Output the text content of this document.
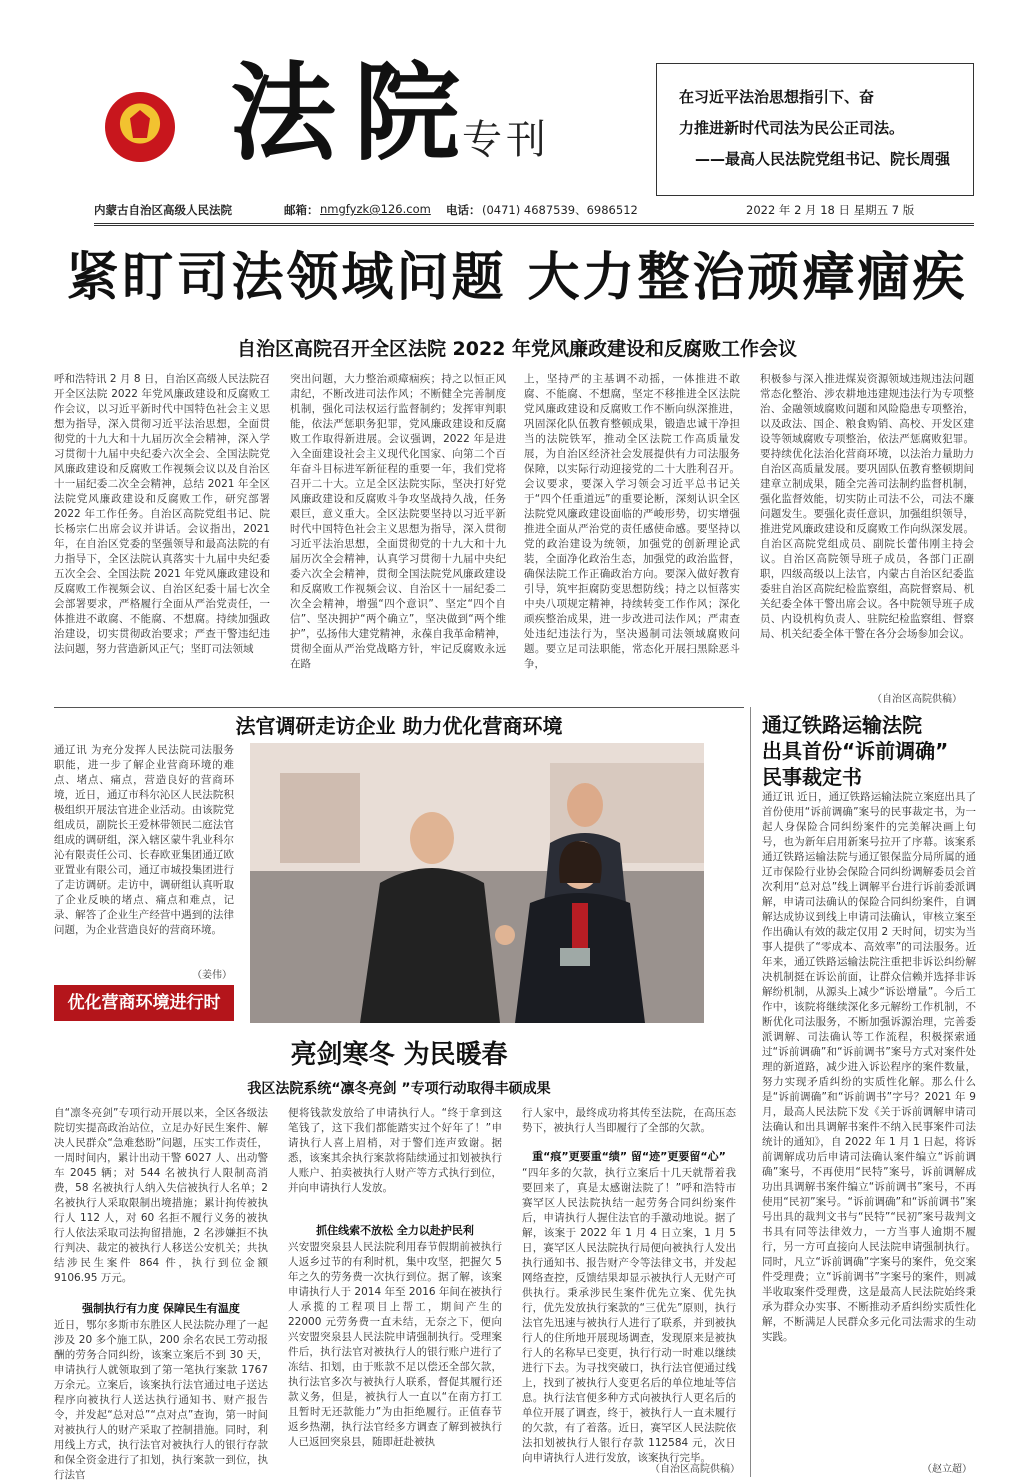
法院
专刊

在习近平法治思想指引下、奋

力推进新时代司法为民公正司法。

——最高人民法院党组书记、院长周强

内蒙古自治区高级人民法院	邮箱： nmgfyzk@126.com 电话： (0471) 4687539、6986512	2022 年 2 月 18 日 星期五 7 版
紧盯司法领域问题 大力整治顽瘴痼疾
自治区高院召开全区法院 2022 年党风廉政建设和反腐败工作会议
呼和浩特讯 2 月 8 日，自治区高级人民法院召开全区法院 2022 年党风廉政建设和反腐败工作会议，以习近平新时代中国特色社会主义思想为指导，深入贯彻习近平法治思想，全面贯彻党的十九大和十九届历次全会精神，深入学习贯彻十九届中央纪委六次全会、全国法院党风廉政建设和反腐败工作视频会议以及自治区十一届纪委二次全会精神，总结 2021 年全区法院党风廉政建设和反腐败工作，研究部署 2022 年工作任务。自治区高院党组书记、院长杨宗仁出席会议并讲话。会议指出，2021 年，在自治区党委的坚强领导和最高法院的有力指导下，全区法院认真落实十九届中央纪委五次全会、全国法院 2021 年党风廉政建设和反腐败工作视频会议、自治区纪委十届七次全会部署要求，严格履行全面从严治党责任，一体推进不敢腐、不能腐、不想腐。持续加强政治建设，切实贯彻政治要求；严查干警违纪违法问题，努力营造新风正气；坚盯司法领域
突出问题，大力整治顽瘴痼疾；持之以恒正风肃纪，不断改进司法作风；不断健全完善制度机制，强化司法权运行监督制约；发挥审判职能，依法严惩职务犯罪，党风廉政建设和反腐败工作取得新进展。会议强调，2022 年是进入全面建设社会主义现代化国家、向第二个百年奋斗目标进军新征程的重要一年，我们党将召开二十大。立足全区法院实际，坚决打好党风廉政建设和反腐败斗争攻坚战持久战，任务艰巨，意义重大。全区法院要坚持以习近平新时代中国特色社会主义思想为指导，深入贯彻习近平法治思想，全面贯彻党的十九大和十九届历次全会精神，认真学习贯彻十九届中央纪委六次全会精神，贯彻全国法院党风廉政建设和反腐败工作视频会议、自治区十一届纪委二次全会精神，增强“四个意识”、坚定“四个自信”、坚决拥护“两个确立”，坚决做到“两个维护”，弘扬伟大建党精神，永葆自我革命精神，贯彻全面从严治党战略方针，牢记反腐败永远在路
上，坚持严的主基调不动摇，一体推进不敢腐、不能腐、不想腐，坚定不移推进全区法院党风廉政建设和反腐败工作不断向纵深推进，巩固深化队伍教育整顿成果，锻造忠诚干净担当的法院铁军，推动全区法院工作高质量发展，为自治区经济社会发展提供有力司法服务保障，以实际行动迎接党的二十大胜利召开。会议要求，要深入学习领会习近平总书记关于“四个任重道远”的重要论断，深刻认识全区法院党风廉政建设面临的严峻形势，切实增强推进全面从严治党的责任感使命感。要坚持以党的政治建设为统领，加强党的创新理论武装，全面净化政治生态，加强党的政治监督，确保法院工作正确政治方向。要深入做好教育引导，筑牢拒腐防变思想防线；持之以恒落实中央八项规定精神，持续转变工作作风；深化顽疾整治成果，进一步改进司法作风；严肃查处违纪违法行为，坚决遏制司法领域腐败问题。要立足司法职能，常态化开展扫黑除恶斗争，
积极参与深入推进煤炭资源领域违规违法问题常态化整治、涉农耕地违建规违法行为专项整治、金融领域腐败问题和风险隐患专项整治，以及政法、国企、粮食购销、高校、开发区建设等领域腐败专项整治，依法严惩腐败犯罪。要持续优化法治化营商环境，以法治力量助力自治区高质量发展。要巩固队伍教育整顿期间建章立制成果，随全完善司法制约监督机制，强化监督效能，切实防止司法不公，司法不廉问题发生。要强化责任意识，加强组织领导，推进党风廉政建设和反腐败工作向纵深发展。自治区高院党组成员、副院长蕾伟刚主持会议。自治区高院领导班子成员，各部门正副职，四级高级以上法官，内蒙古自治区纪委监委驻自治区高院纪检监察组，高院督察局、机关纪委全体干警出席会议。各中院领导班子成员、内设机构负责人、驻院纪检监察组、督察局、机关纪委全体干警在各分会场参加会议。
（自治区高院供稿）
法官调研走访企业 助力优化营商环境
通辽讯 为充分发挥人民法院司法服务职能，进一步了解企业营商环境的难点、堵点、痛点，营造良好的营商环境，近日，通辽市科尔沁区人民法院积极组织开展法官进企业活动。由该院党组成员，副院长王爱林带领民二庭法官组成的调研组，深入辖区蒙牛乳业科尔沁有限责任公司、长春欧亚集团通辽欧亚置业有限公司，通辽市城投集团进行了走访调研。走访中，调研组认真听取了企业反映的堵点、痛点和难点，记录、解答了企业生产经营中遇到的法律问题，为企业营造良好的营商环境。
（姜伟）
优化营商环境进行时
通辽铁路运输法院
出具首份“诉前调确”
民事裁定书
通辽讯 近日，通辽铁路运输法院立案庭出具了首份使用“诉前调确”案号的民事裁定书，为一起人身保险合同纠纷案件的完美解决画上句号，也为新年启用新案号拉开了序幕。该案系通辽铁路运输法院与通辽银保监分局所属的通辽市保险行业协会保险合同纠纷调解委员会首次利用“总对总”线上调解平台进行诉前委派调解，申请司法确认的保险合同纠纷案件，自调解达成协议到线上申请司法确认，审核立案至作出确认有效的裁定仅用 2 天时间，切实为当事人提供了“零成本、高效率”的司法服务。近年来，通辽铁路运输法院注重把非诉讼纠纷解决机制挺在诉讼前面，让群众信赖并选择非诉解纷机制，从源头上减少“诉讼增量”。今后工作中，该院将继续深化多元解纷工作机制，不断优化司法服务，不断加强诉源治理，完善委派调解、司法确认等工作流程，积极探索通过“诉前调确”和“诉前调书”案号方式对案件处理的新道路，减少进入诉讼程序的案件数量，努力实现矛盾纠纷的实质性化解。那么什么是“诉前调确”和“诉前调书”字号？2021 年 9 月，最高人民法院下发《关于诉前调解申请司法确认和出具调解书案件不纳入民事案件司法统计的通知》，自 2022 年 1 月 1 日起，将诉前调解成功后申请司法确认案件编立“诉前调确”案号，不再使用“民特”案号，诉前调解成功出具调解书案件编立“诉前调书”案号，不再使用“民初”案号。“诉前调确”和“诉前调书”案号出具的裁判文书与“民特”“民初”案号裁判文书具有同等法律效力，一方当事人逾期不履行，另一方可直接向人民法院申请强制执行。同时，凡立“诉前调确”字案号的案件，免交案件受理费；立“诉前调书”字案号的案件，则减半收取案件受理费，这是最高人民法院始终秉承为群众办实事、不断推动矛盾纠纷实质性化解，不断满足人民群众多元化司法需求的生动实践。
（赵立超）
亮剑寒冬 为民暖春
我区法院系统“凛冬亮剑 ”专项行动取得丰硕成果
自“凛冬亮剑”专项行动开展以来，全区各级法院切实提高政治站位，立足办好民生案件、解决人民群众“急难愁盼”问题，压实工作责任，一周时间内，累计出动干警 6027 人、出动警车 2045 辆；对 544 名被执行人限制高消费，58 名被执行人纳入失信被执行人名单；2 名被执行人采取限制出境措施；累计拘传被执行人 112 人，对 60 名拒不履行义务的被执行人依法采取司法拘留措施，2 名涉嫌拒不执行判决、裁定的被执行人移送公安机关；共执结涉民生案件 864 件，执行到位金额 9106.95 万元。
强制执行有力度 保障民生有温度
近日，鄂尔多斯市东胜区人民法院办理了一起涉及 20 多个施工队，200 余名农民工劳动报酬的劳务合同纠纷，该案立案后不到 30 天，申请执行人就领取到了第一笔执行案款 1767 万余元。立案后，该案执行法官通过电子送达程序向被执行人送达执行通知书、财产报告令，并发起“总对总”“点对点”查询，第一时间对被执行人的财产采取了控制措施。同时，利用线上方式，执行法官对被执行人的银行存款和保全资金进行了扣划，执行案款一到位，执行法官
便将钱款发放给了申请执行人。“终于拿到这笔钱了，这下我们都能踏实过个好年了！”申请执行人喜上眉梢，对于警们连声致谢。据悉，该案其余执行案款将陆续通过扣划被执行人账户、拍卖被执行人财产等方式执行到位，并向申请执行人发放。
抓住线索不放松 全力以赴护民利
兴安盟突泉县人民法院利用春节假期前被执行人返乡过节的有利时机，集中攻坚，把握欠 5 年之久的劳务费一次执行到位。据了解，该案申请执行人于 2014 年至 2016 年间在被执行人承揽的工程项目上帮工，期间产生的 22000 元劳务费一直未结，无奈之下，便向兴安盟突泉县人民法院申请强制执行。受理案件后，执行法官对被执行人的银行账户进行了冻结、扣划，由于账款不足以偿还全部欠款，执行法官多次与被执行人联系，督促其履行还款义务，但是，被执行人一直以“在南方打工且暂时无还款能力”为由拒绝履行。正值春节返乡热潮，执行法官经多方调查了解到被执行人已返回突泉县，随即赶赴被执
行人家中，最终成功将其传至法院，在高压态势下，被执行人当即履行了全部的欠款。
重“痕”更要重“绩” 留“迹”更要留“心”
“四年多的欠款，执行立案后十几天就帮着我要回来了，真是太感谢法院了！”呼和浩特市赛罕区人民法院执结一起劳务合同纠纷案件后，申请执行人握住法官的手激动地说。据了解，该案于 2022 年 1 月 4 日立案，1 月 5 日，赛罕区人民法院执行局便向被执行人发出执行通知书、报告财产令等法律文书，并发起网络查控，反馈结果却显示被执行人无财产可供执行。秉承涉民生案件优先立案、优先执行，优先发放执行案款的“三优先”原则，执行法官先迅速与被执行人进行了联系，并到被执行人的住所地开展现场调查，发现原来是被执行人的名称早已变更，执行行动一时难以继续进行下去。为寻找突破口，执行法官便通过线上，找到了被执行人变更名后的单位地址等信息。执行法官便多种方式向被执行人更名后的单位开展了调查，终于，被执行人一直未履行的欠款，有了着落。近日，赛罕区人民法院依法扣划被执行人银行存款 112584 元，次日向申请执行人进行发放，该案执行完毕。
（自治区高院供稿）
